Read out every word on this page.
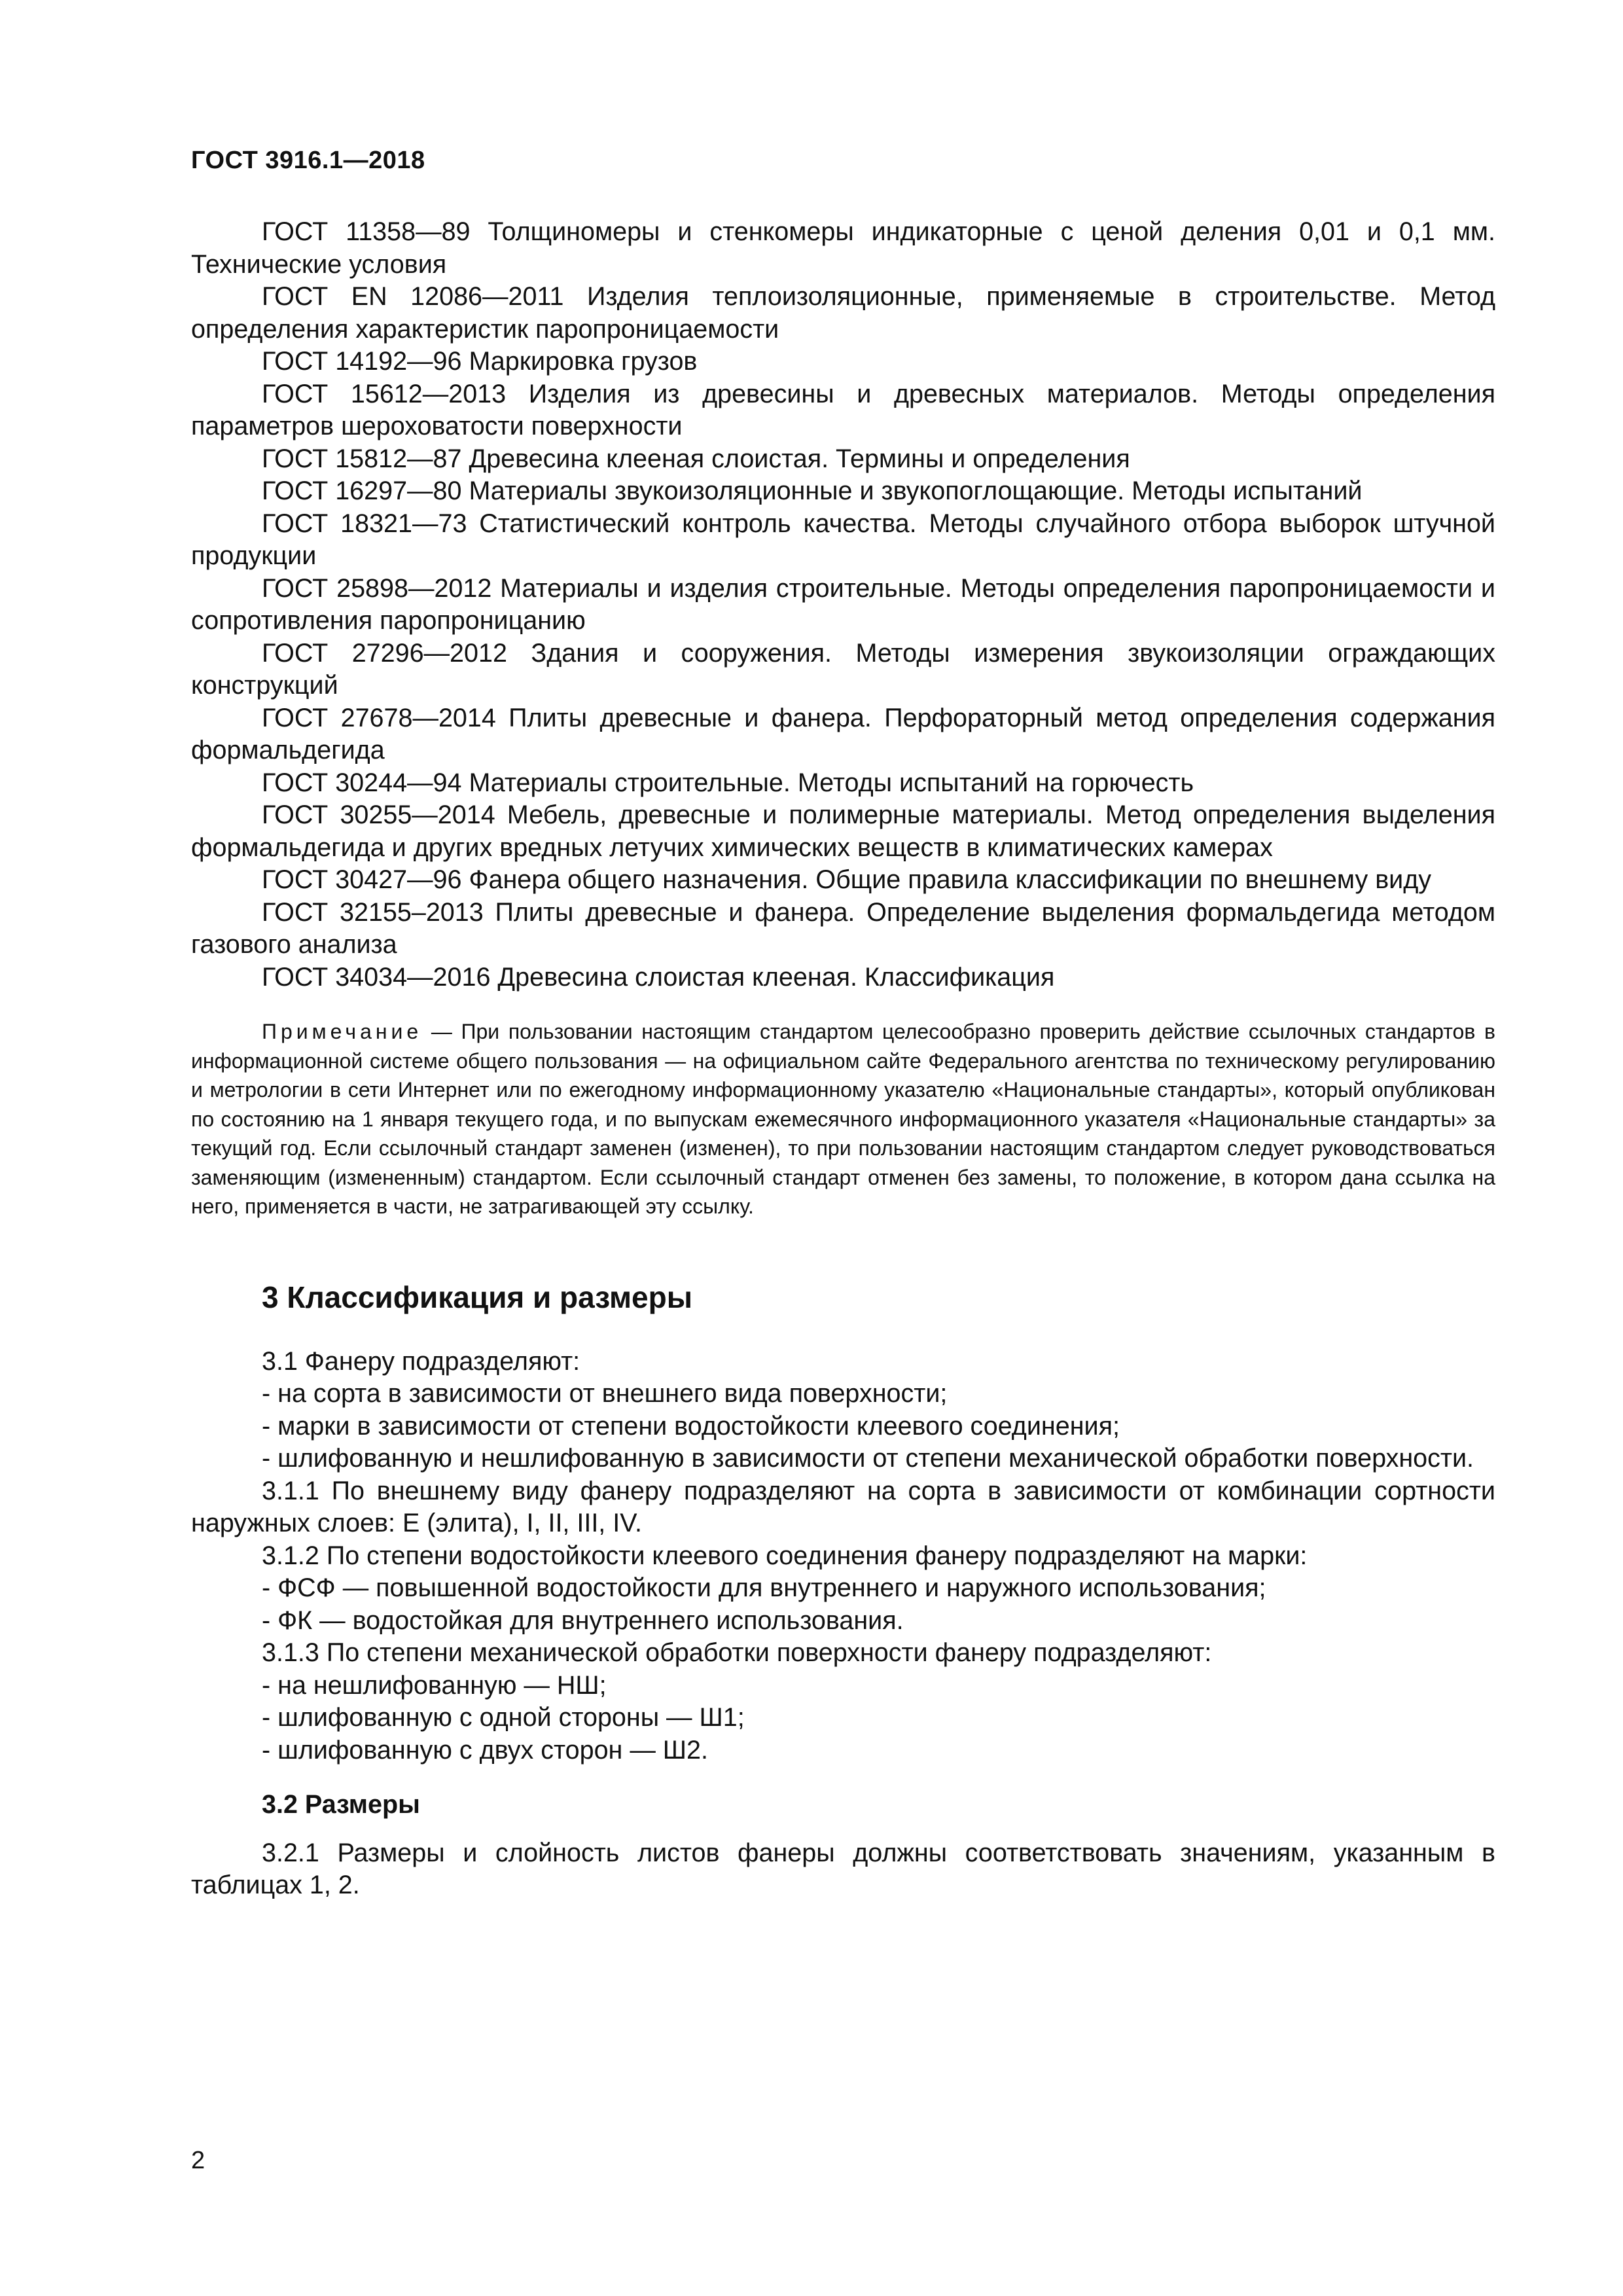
ГОСТ 3916.1—2018

ГОСТ 11358—89 Толщиномеры и стенкомеры индикаторные с ценой деления 0,01 и 0,1 мм. Технические условия

ГОСТ EN 12086—2011 Изделия теплоизоляционные, применяемые в строительстве. Метод определения характеристик паропроницаемости

ГОСТ 14192—96 Маркировка грузов

ГОСТ 15612—2013 Изделия из древесины и древесных материалов. Методы определения параметров шероховатости поверхности

ГОСТ 15812—87 Древесина клееная слоистая. Термины и определения

ГОСТ 16297—80 Материалы звукоизоляционные и звукопоглощающие. Методы испытаний

ГОСТ 18321—73 Статистический контроль качества. Методы случайного отбора выборок штучной продукции

ГОСТ 25898—2012 Материалы и изделия строительные. Методы определения паропроницаемости и сопротивления паропроницанию

ГОСТ 27296—2012 Здания и сооружения. Методы измерения звукоизоляции ограждающих конструкций

ГОСТ 27678—2014 Плиты древесные и фанера. Перфораторный метод определения содержания формальдегида

ГОСТ 30244—94 Материалы строительные. Методы испытаний на горючесть

ГОСТ 30255—2014 Мебель, древесные и полимерные материалы. Метод определения выделения формальдегида и других вредных летучих химических веществ в климатических камерах

ГОСТ 30427—96 Фанера общего назначения. Общие правила классификации по внешнему виду

ГОСТ 32155–2013 Плиты древесные и фанера. Определение выделения формальдегида методом газового анализа

ГОСТ 34034—2016 Древесина слоистая клееная. Классификация

Примечание — При пользовании настоящим стандартом целесообразно проверить действие ссылочных стандартов в информационной системе общего пользования — на официальном сайте Федерального агентства по техническому регулированию и метрологии в сети Интернет или по ежегодному информационному указателю «Национальные стандарты», который опубликован по состоянию на 1 января текущего года, и по выпускам ежемесячного информационного указателя «Национальные стандарты» за текущий год. Если ссылочный стандарт заменен (изменен), то при пользовании настоящим стандартом следует руководствоваться заменяющим (измененным) стандартом. Если ссылочный стандарт отменен без замены, то положение, в котором дана ссылка на него, применяется в части, не затрагивающей эту ссылку.

3 Классификация и размеры

3.1 Фанеру подразделяют:

- на сорта в зависимости от внешнего вида поверхности;

- марки в зависимости от степени водостойкости клеевого соединения;

- шлифованную и нешлифованную в зависимости от степени механической обработки поверхности.

3.1.1 По внешнему виду фанеру подразделяют на сорта в зависимости от комбинации сортности наружных слоев: Е (элита), I, II, III, IV.

3.1.2 По степени водостойкости клеевого соединения фанеру подразделяют на марки:

- ФСФ — повышенной водостойкости для внутреннего и наружного использования;

- ФК — водостойкая для внутреннего использования.

3.1.3 По степени механической обработки поверхности фанеру подразделяют:

- на нешлифованную — НШ;

- шлифованную с одной стороны — Ш1;

- шлифованную с двух сторон — Ш2.

3.2 Размеры

3.2.1 Размеры и слойность листов фанеры должны соответствовать значениям, указанным в таблицах 1, 2.

2
